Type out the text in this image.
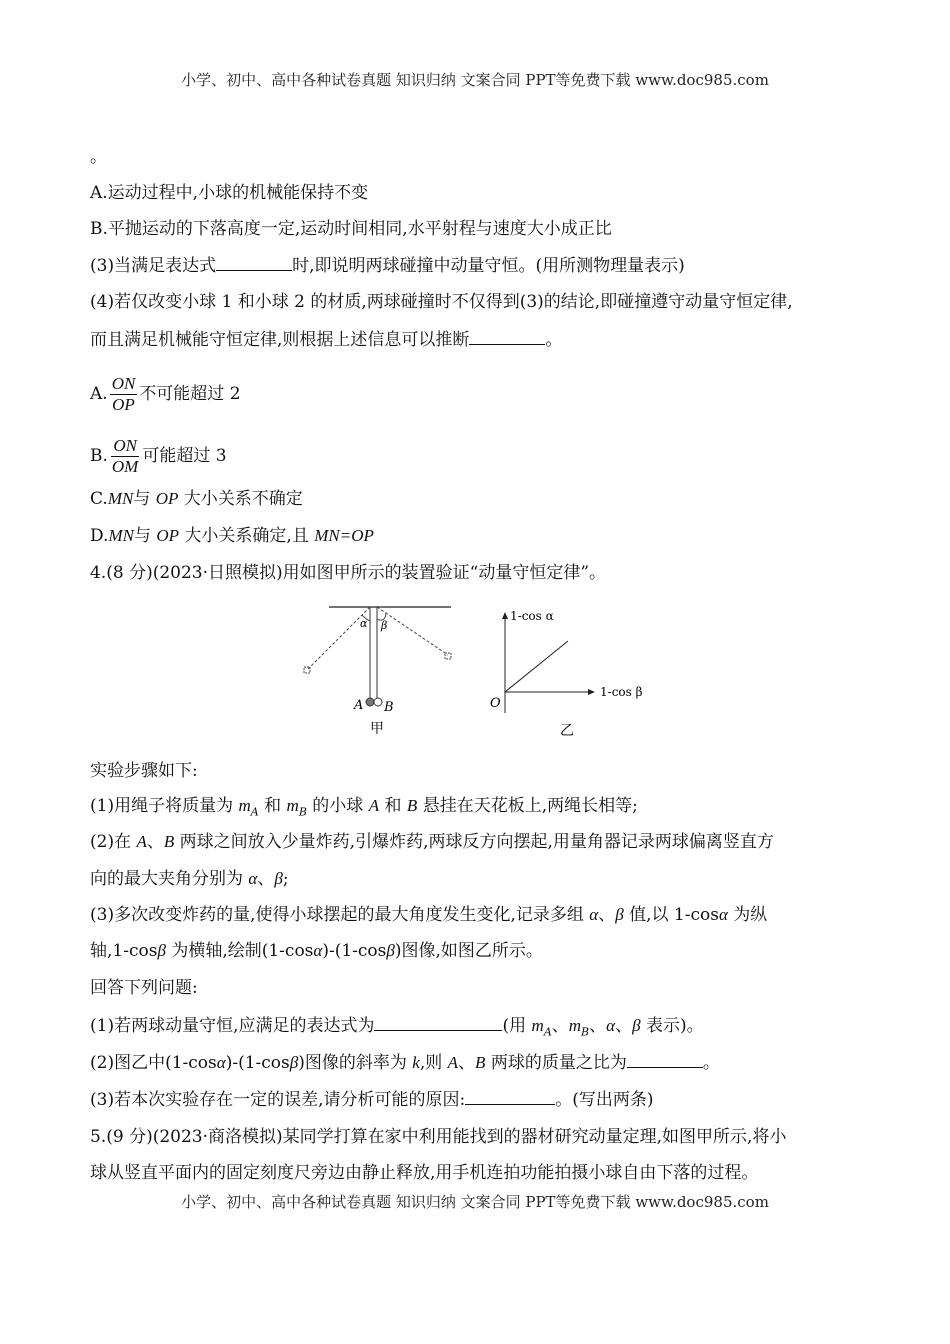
小学、初中、高中各种试卷真题 知识归纳 文案合同 PPT等免费下载 www.doc985.com
。
A.运动过程中,小球的机械能保持不变
B.平抛运动的下落高度一定,运动时间相同,水平射程与速度大小成正比
(3)当满足表达式	时,即说明两球碰撞中动量守恒。(用所测物理量表示)
(4)若仅改变小球 1 和小球 2 的材质,两球碰撞时不仅得到(3)的结论,即碰撞遵守动量守恒定律,
而且满足机械能守恒定律,则根据上述信息可以推断	。
A. $\frac{ON}{OP}$ 不可能超过 2
B. $\frac{ON}{OM}$ 可能超过 3
C.MN与 OP 大小关系不确定
D.MN与 OP 大小关系确定,且 MN=OP
4.(8 分)(2023·日照模拟)用如图甲所示的装置验证“动量守恒定律”。
实验步骤如下:
(1)用绳子将质量为 $m_A$ 和 $m_B$ 的小球 A 和 B 悬挂在天花板上,两绳长相等;
(2)在 A、B 两球之间放入少量炸药,引爆炸药,两球反方向摆起,用量角器记录两球偏离竖直方
向的最大夹角分别为 α、β;
(3)多次改变炸药的量,使得小球摆起的最大角度发生变化,记录多组 α、β 值,以 1-cosα 为纵
轴,1-cosβ 为横轴,绘制(1-cosα)-(1-cosβ)图像,如图乙所示。
回答下列问题:
(1)若两球动量守恒,应满足的表达式为	(用 $m_A$、$m_B$、α、β 表示)。
(2)图乙中(1-cosα)-(1-cosβ)图像的斜率为 k,则 A、B 两球的质量之比为	。
(3)若本次实验存在一定的误差,请分析可能的原因:	。(写出两条)
5.(9 分)(2023·商洛模拟)某同学打算在家中利用能找到的器材研究动量定理,如图甲所示,将小
球从竖直平面内的固定刻度尺旁边由静止释放,用手机连拍功能拍摄小球自由下落的过程。
α β
A B
甲
1-cos α
1-cos β
O
乙
小学、初中、高中各种试卷真题 知识归纳 文案合同 PPT等免费下载 www.doc985.com
